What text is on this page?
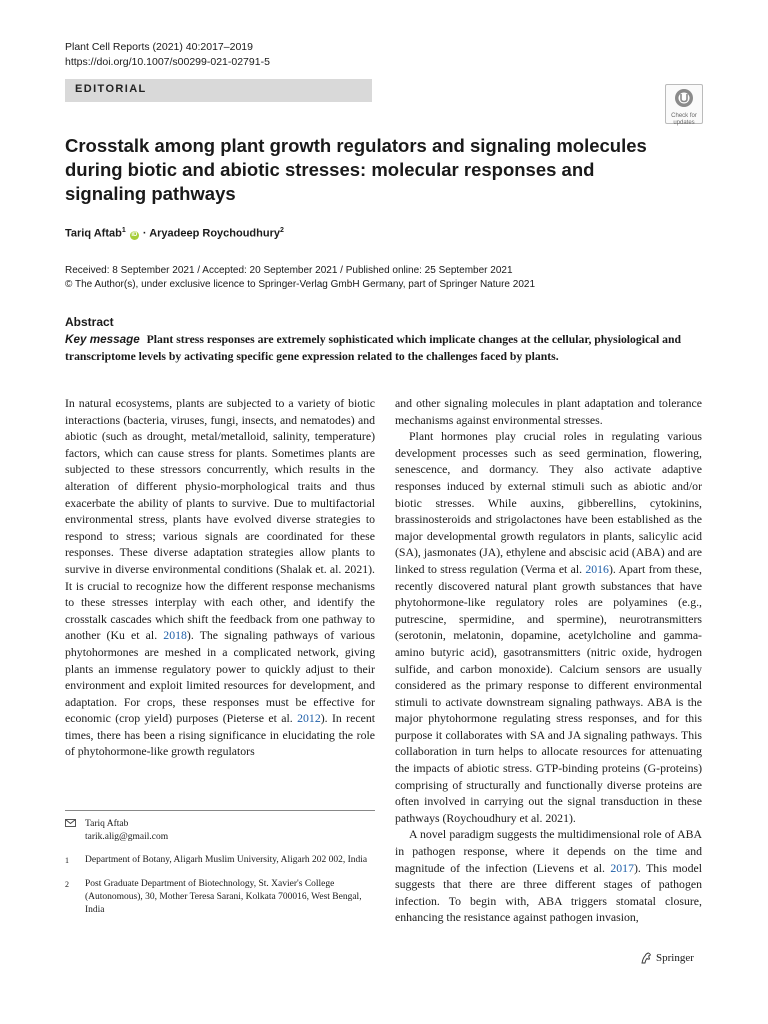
Plant Cell Reports (2021) 40:2017–2019
https://doi.org/10.1007/s00299-021-02791-5
EDITORIAL
Check for
updates
Crosstalk among plant growth regulators and signaling molecules during biotic and abiotic stresses: molecular responses and signaling pathways
Tariq Aftab$^1$ iD · Aryadeep Roychoudhury$^2$
Received: 8 September 2021 / Accepted: 20 September 2021 / Published online: 25 September 2021
© The Author(s), under exclusive licence to Springer-Verlag GmbH Germany, part of Springer Nature 2021
Abstract
Key message Plant stress responses are extremely sophisticated which implicate changes at the cellular, physiological and transcriptome levels by activating specific gene expression related to the challenges faced by plants.

In natural ecosystems, plants are subjected to a variety of biotic interactions (bacteria, viruses, fungi, insects, and nematodes) and abiotic (such as drought, metal/metalloid, salinity, temperature) factors, which can cause stress for plants. Sometimes plants are subjected to these stressors concurrently, which results in the alteration of different physio-morphological traits and thus exacerbate the ability of plants to survive. Due to multifactorial environmental stress, plants have evolved diverse strategies to respond to stress; various signals are coordinated for these responses. These diverse adaptation strategies allow plants to survive in diverse environmental conditions (Shalak et. al. 2021). It is crucial to recognize how the different response mechanisms to these stresses interplay with each other, and identify the crosstalk cascades which shift the feedback from one pathway to another (Ku et al. 2018). The signaling pathways of various phytohormones are meshed in a complicated network, giving plants an immense regulatory power to quickly adjust to their environment and exploit limited resources for development, and adaptation. For crops, these responses must be effective for economic (crop yield) purposes (Pieterse et al. 2012). In recent times, there has been a rising significance in elucidating the role of phytohormone-like growth regulators

and other signaling molecules in plant adaptation and tolerance mechanisms against environmental stresses.

Plant hormones play crucial roles in regulating various development processes such as seed germination, flowering, senescence, and dormancy. They also activate adaptive responses induced by external stimuli such as abiotic and/or biotic stresses. While auxins, gibberellins, cytokinins, brassinosteroids and strigolactones have been established as the major developmental growth regulators in plants, salicylic acid (SA), jasmonates (JA), ethylene and abscisic acid (ABA) and are linked to stress regulation (Verma et al. 2016). Apart from these, recently discovered natural plant growth substances that have phytohormone-like regulatory roles are polyamines (e.g., putrescine, spermidine, and spermine), neurotransmitters (serotonin, melatonin, dopamine, acetylcholine and gamma-amino butyric acid), gasotransmitters (nitric oxide, hydrogen sulfide, and carbon monoxide). Calcium sensors are usually considered as the primary response to different environmental stimuli to activate downstream signaling pathways. ABA is the major phytohormone regulating stress responses, and for this purpose it collaborates with SA and JA signaling pathways. This collaboration in turn helps to allocate resources for attenuating the impacts of abiotic stress. GTP-binding proteins (G-proteins) comprising of structurally and functionally diverse proteins are often involved in carrying out the signal transduction in these pathways (Roychoudhury et al. 2021).

A novel paradigm suggests the multidimensional role of ABA in pathogen response, where it depends on the time and magnitude of the infection (Lievens et al. 2017). This model suggests that there are three different stages of pathogen infection. To begin with, ABA triggers stomatal closure, enhancing the resistance against pathogen invasion,

Tariq Aftab
tarik.alig@gmail.com
1 Department of Botany, Aligarh Muslim University, Aligarh 202 002, India
2 Post Graduate Department of Biotechnology, St. Xavier's College (Autonomous), 30, Mother Teresa Sarani, Kolkata 700016, West Bengal, India
Springer
